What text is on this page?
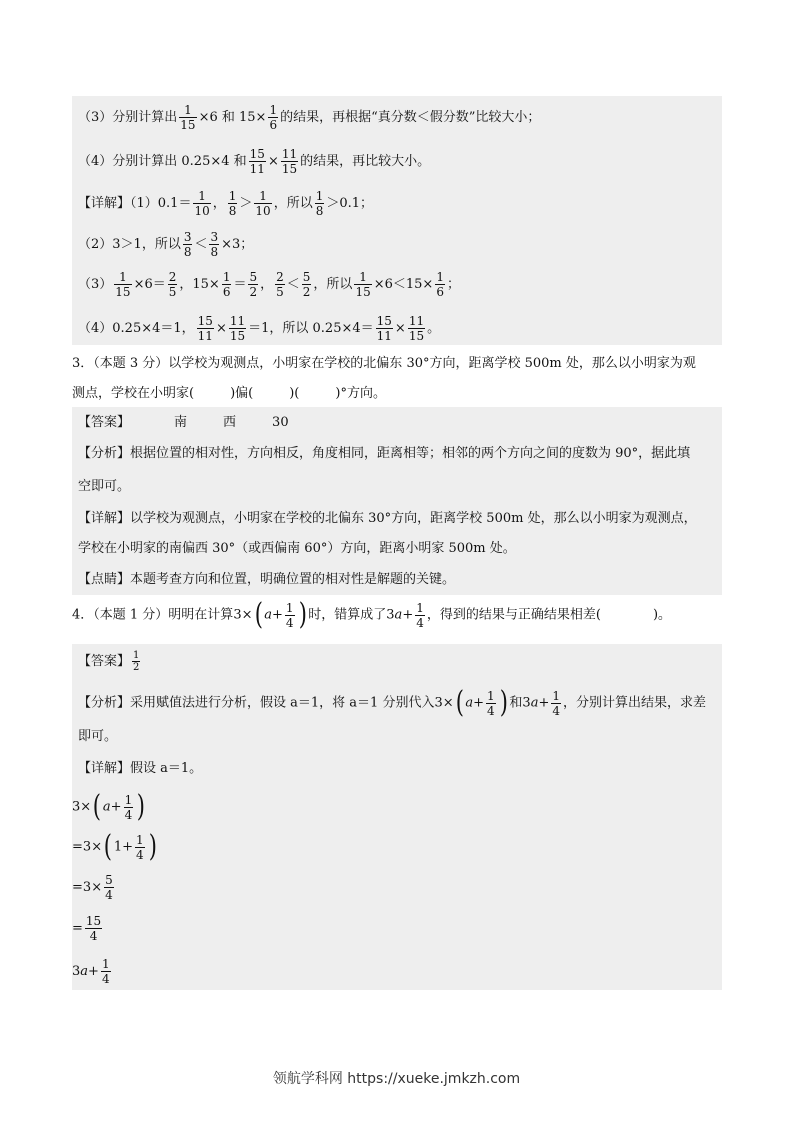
（3）分别计算出 $\frac{1}{15} \times 6$ 和 $15\times \frac{1}{6}$ 的结果，再根据“真分数＜假分数”比较大小；
（4）分别计算出 0.25×4 和 $\frac{15}{11} \times \frac{11}{15}$ 的结果，再比较大小。
【详解】$(1)0.1= \frac{1}{10}$ ， $\frac{1}{8} > \frac{1}{10}$ ，所以 $\frac{1}{8} >0.1$；
（2）3＞1，所以 $\frac{3}{8} < \frac{3}{8} \times 3$；
$(3) \frac{1}{15} \times 6= \frac{2}{5}$ ，$15\times \frac{1}{6} = \frac{5}{2}$ ， $\frac{2}{5} < \frac{5}{2}$ ，所以 $\frac{1}{15} \times 6<15\times \frac{1}{6}$ ；
（4）0.25×4＝1， $\frac{15}{11} \times \frac{11}{15} =1$，所以 $0.25\times 4= \frac{15}{11} \times \frac{11}{15}$ 。
3．（本题 3 分）以学校为观测点，小明家在学校的北偏东 30°方向，距离学校 500m 处，那么以小明家为观
测点，学校在小明家(	)偏(	)(	)°方向。
【答案】	南	西	30
【分析】根据位置的相对性，方向相反，角度相同，距离相等；相邻的两个方向之间的度数为 90°，据此填
空即可。
【详解】以学校为观测点，小明家在学校的北偏东 30°方向，距离学校 500m 处，那么以小明家为观测点，
学校在小明家的南偏西 30°（或西偏南 60°）方向，距离小明家 500m 处。
【点睛】本题考查方向和位置，明确位置的相对性是解题的关键。
4．（本题 1 分）明明在计算3×( $a+ \frac{1}{4}$ ) 时，错算成了$3a+ \frac{1}{4}$ ，得到的结果与正确结果相差(	)。
【答案】 $\frac{1}{2}$
【分析】采用赋值法进行分析，假设 a＝1，将 a＝1 分别代入3×( $a+ \frac{1}{4}$ ) 和$3a+ \frac{1}{4}$ ，分别计算出结果，求差
即可。
【详解】假设 a＝1。
3×( $a+ \frac{1}{4}$ )
=3×( $1+ \frac{1}{4}$ )
$=3\times \frac{5}{4}$
= $\frac{15}{4}$
$3a+ \frac{1}{4}$
领航学科网 https://xueke.jmkzh.com
